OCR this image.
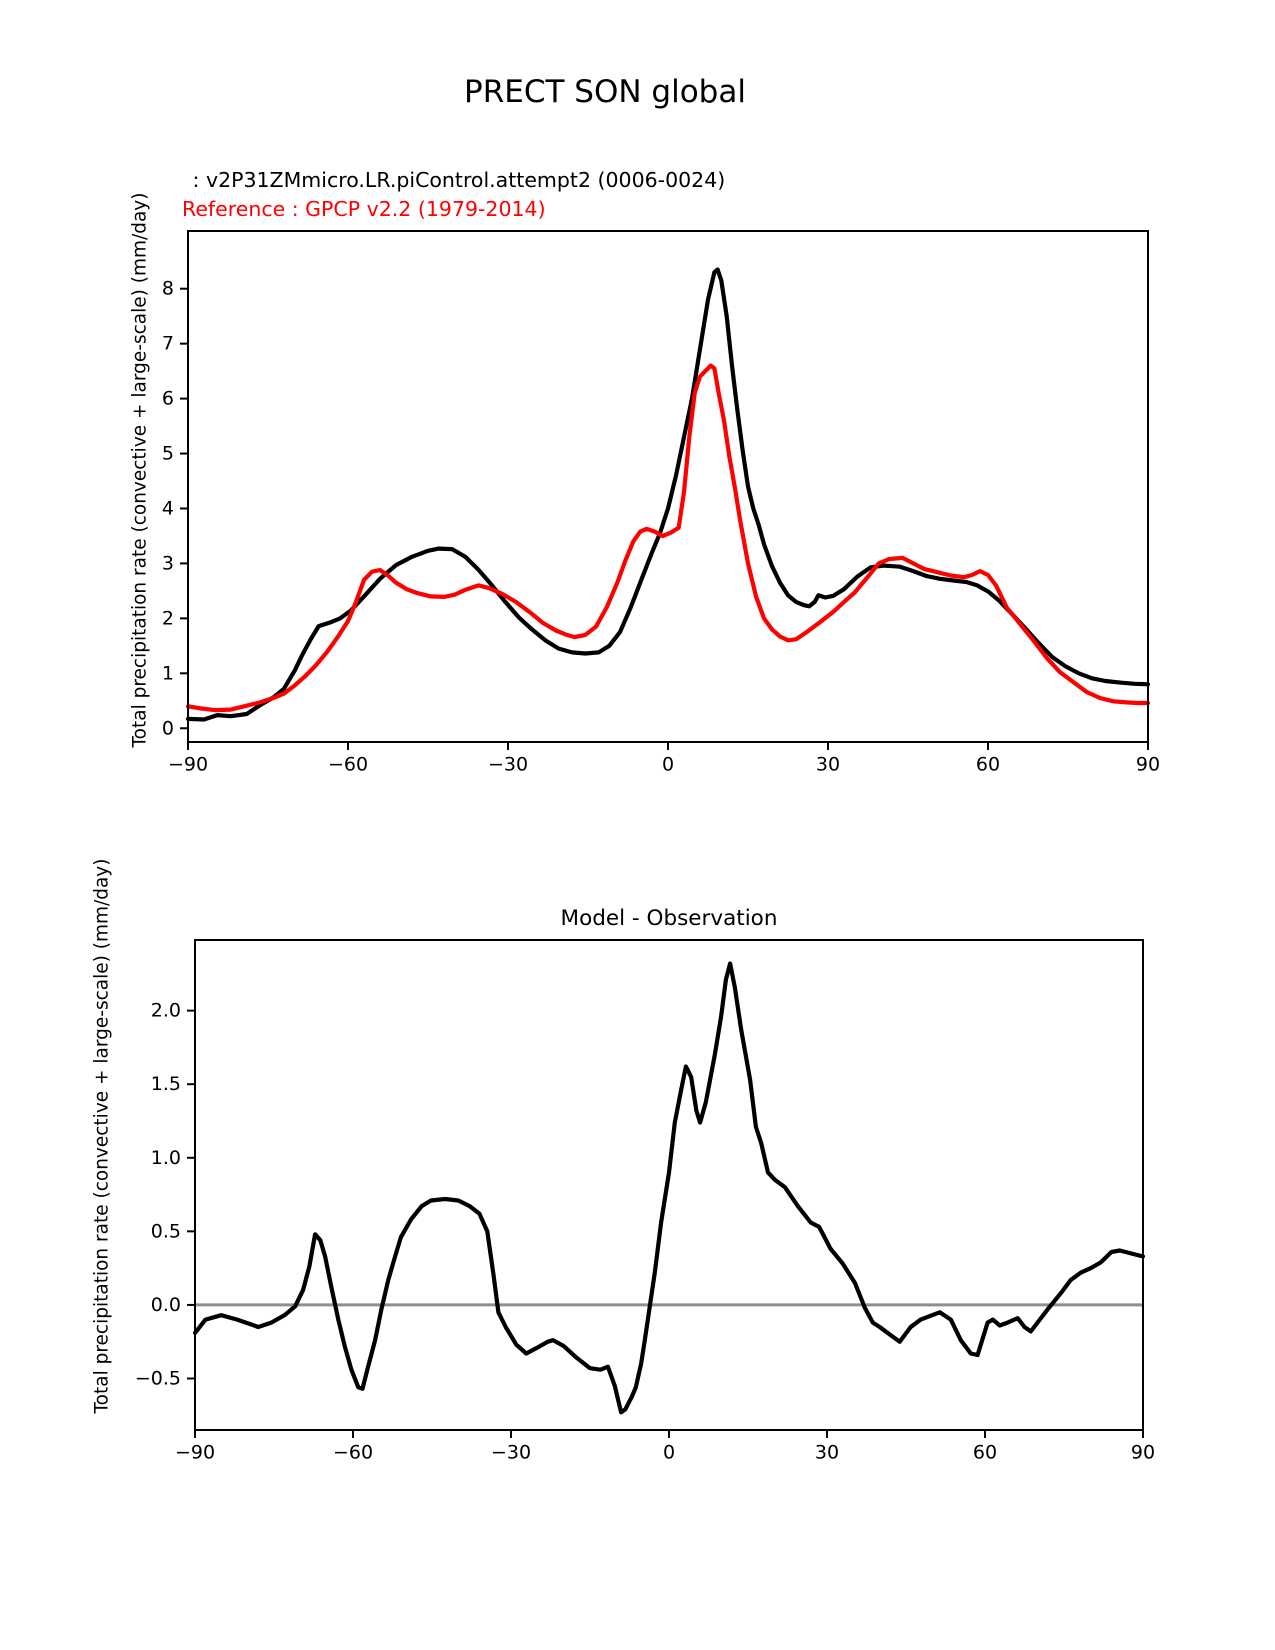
PRECT SON global
: v2P31ZMmicro.LR.piControl.attempt2 (0006-0024)
Reference : GPCP v2.2 (1979-2014)
Total precipitation rate (convective + large-scale) (mm/day)
Total precipitation rate (convective + large-scale) (mm/day)	Model - Observation
−90	−60	−30	0	30	60	90
0
1
2
3
4
5
6
7
8
−90	−60	−30	0	30	60	90
−0.5
0.0
0.5
1.0
1.5
2.0
